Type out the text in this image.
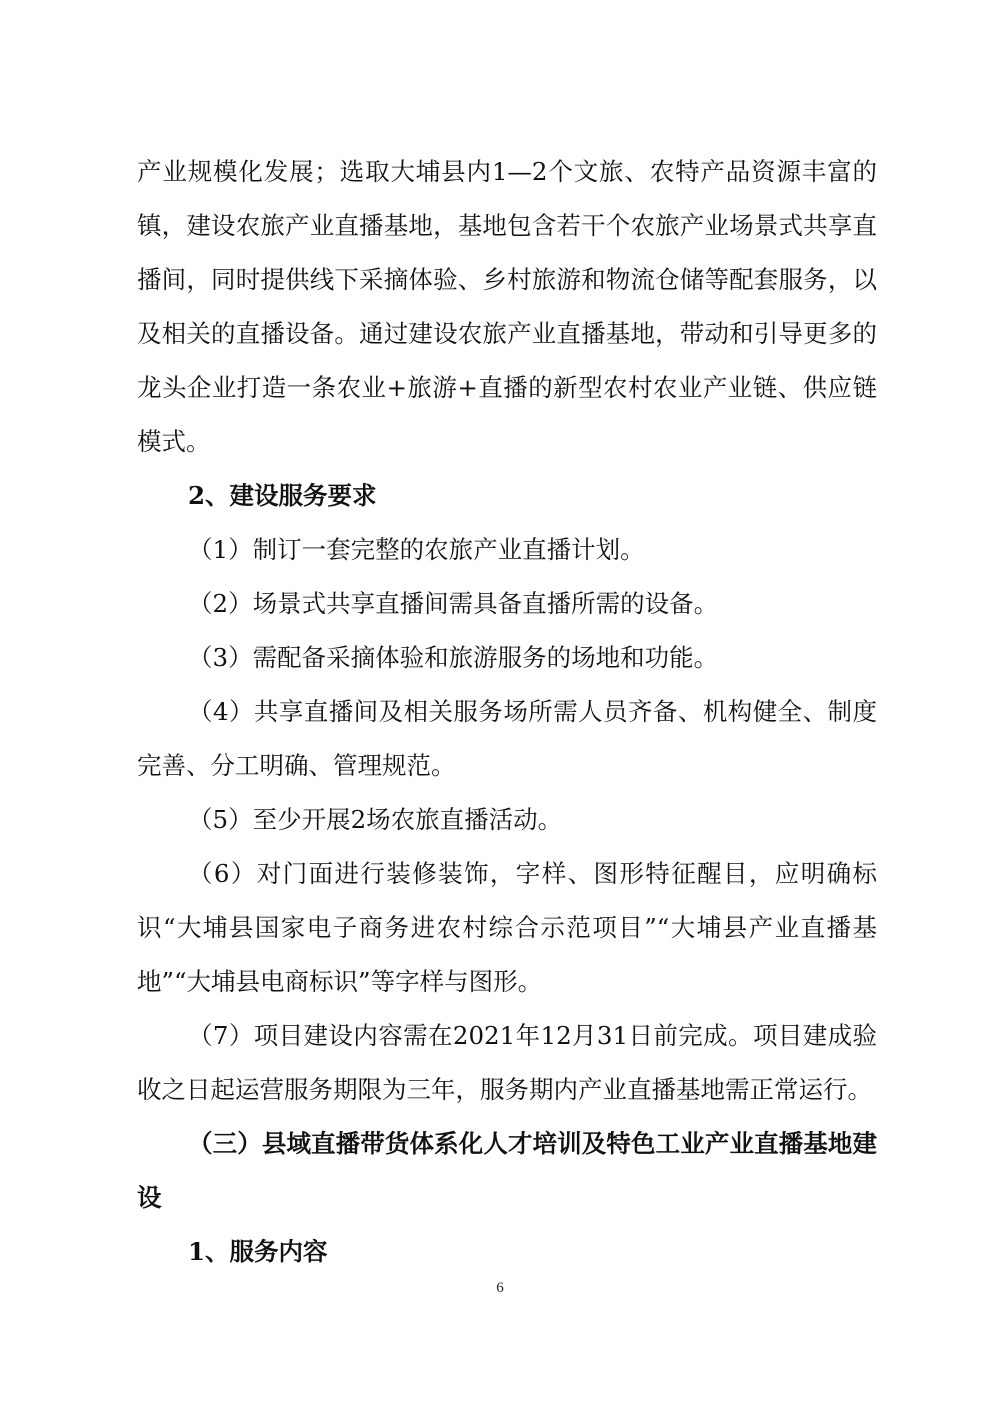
产业规模化发展；选取大埔县内1—2个文旅、农特产品资源丰富的镇，建设农旅产业直播基地，基地包含若干个农旅产业场景式共享直播间，同时提供线下采摘体验、乡村旅游和物流仓储等配套服务，以及相关的直播设备。通过建设农旅产业直播基地，带动和引导更多的龙头企业打造一条农业+旅游+直播的新型农村农业产业链、供应链模式。

2、建设服务要求

（1）制订一套完整的农旅产业直播计划。

（2）场景式共享直播间需具备直播所需的设备。

（3）需配备采摘体验和旅游服务的场地和功能。

（4）共享直播间及相关服务场所需人员齐备、机构健全、制度完善、分工明确、管理规范。

（5）至少开展2场农旅直播活动。

（6）对门面进行装修装饰，字样、图形特征醒目，应明确标识“大埔县国家电子商务进农村综合示范项目”“大埔县产业直播基地”“大埔县电商标识”等字样与图形。

（7）项目建设内容需在2021年12月31日前完成。项目建成验收之日起运营服务期限为三年，服务期内产业直播基地需正常运行。

（三）县域直播带货体系化人才培训及特色工业产业直播基地建设

1、服务内容

6
